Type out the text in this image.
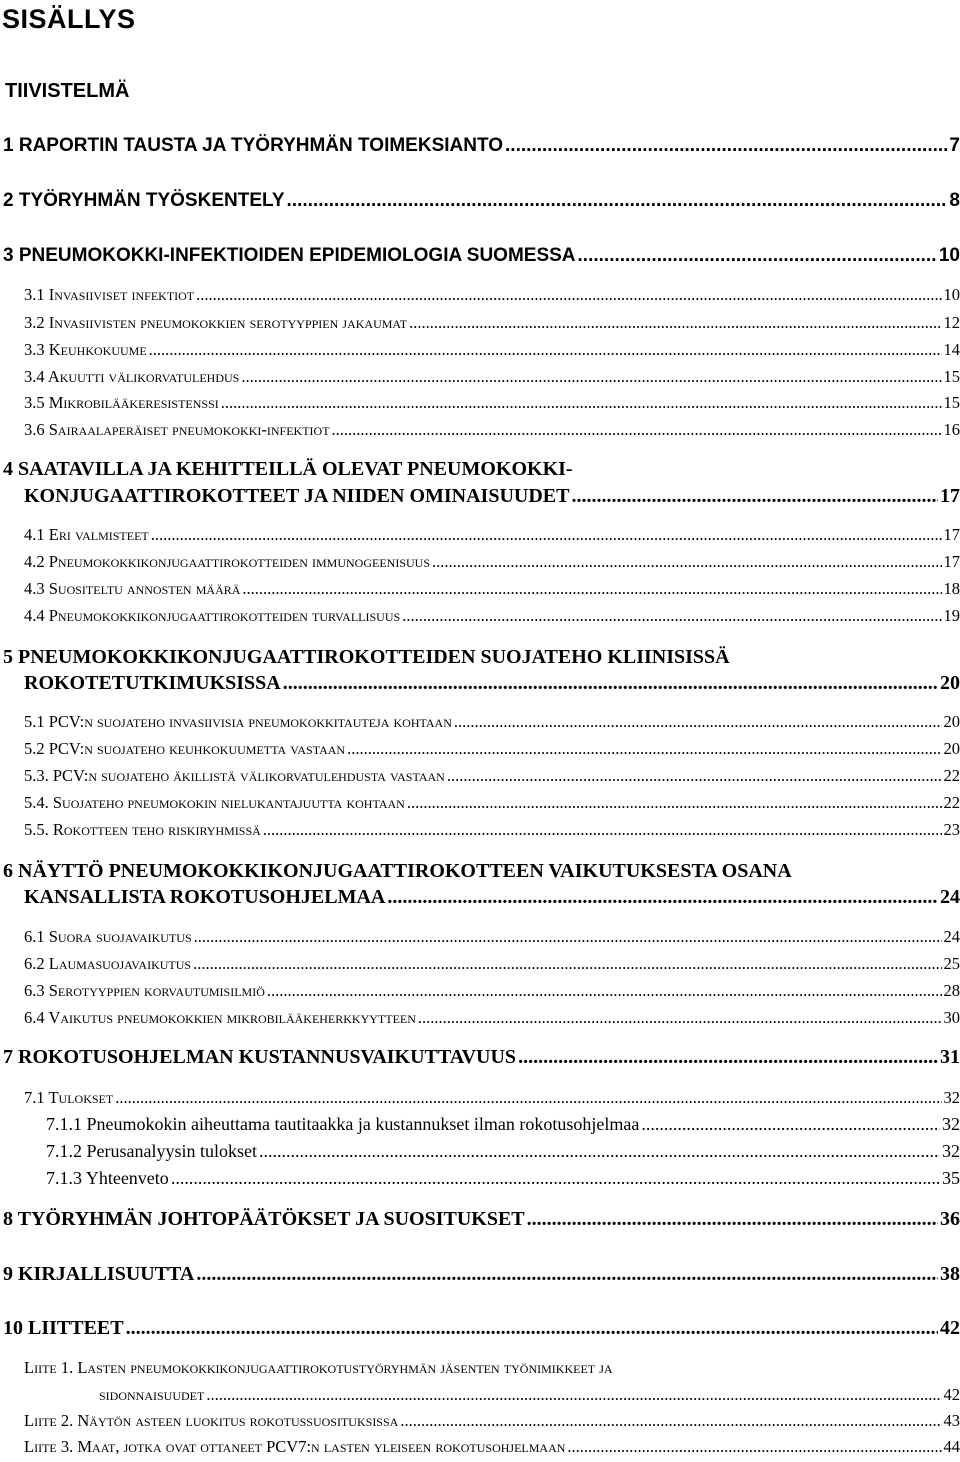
SISÄLLYS
TIIVISTELMÄ
1 RAPORTIN TAUSTA JA TYÖRYHMÄN TOIMEKSIANTO .....	7
2 TYÖRYHMÄN TYÖSKENTELY .....	8
3 PNEUMOKOKKI-INFEKTIOIDEN EPIDEMIOLOGIA SUOMESSA .....	10
3.1 Invasiiviset infektiot .....	10
3.2 Invasiivisten pneumokokkien serotyyppien jakaumat .....	12
3.3 Keuhkokuume .....	14
3.4 Akuutti välikorvatulehdus .....	15
3.5 Mikrobilääkeresistenssi .....	15
3.6 Sairaalaperäiset pneumokokki-infektiot .....	16
4 SAATAVILLA JA KEHITTEILLÄ OLEVAT PNEUMOKOKKI-
KONJUGAATTIROKOTTEET JA NIIDEN OMINAISUUDET .....	17
4.1 Eri valmisteet .....	17
4.2 Pneumokokkikonjugaattirokotteiden immunogeenisuus .....	17
4.3 Suositeltu annosten määrä .....	18
4.4 Pneumokokkikonjugaattirokotteiden turvallisuus .....	19
5 PNEUMOKOKKIKONJUGAATTIROKOTTEIDEN SUOJATEHO KLIINISISSÄ
ROKOTETUTKIMUKSISSA .....	20
5.1 PCV:n suojateho invasiivisia pneumokokkitauteja kohtaan .....	20
5.2 PCV:n suojateho keuhkokuumetta vastaan .....	20
5.3. PCV:n suojateho äkillistä välikorvatulehdusta vastaan .....	22
5.4. Suojateho pneumokokin nielukantajuutta kohtaan .....	22
5.5. Rokotteen teho riskiryhmissä .....	23
6 NÄYTTÖ PNEUMOKOKKIKONJUGAATTIROKOTTEEN VAIKUTUKSESTA OSANA
KANSALLISTA ROKOTUSOHJELMAA .....	24
6.1 Suora suojavaikutus .....	24
6.2 Laumasuojavaikutus .....	25
6.3 Serotyyppien korvautumisilmiö .....	28
6.4 Vaikutus pneumokokkien mikrobilääkeherkkyytteen .....	30
7 ROKOTUSOHJELMAN KUSTANNUSVAIKUTTAVUUS .....	31
7.1 Tulokset .....	32
7.1.1 Pneumokokin aiheuttama tautitaakka ja kustannukset ilman rokotusohjelmaa .....	32
7.1.2 Perusanalyysin tulokset .....	32
7.1.3 Yhteenveto .....	35
8 TYÖRYHMÄN JOHTOPÄÄTÖKSET JA SUOSITUKSET .....	36
9 KIRJALLISUUTTA .....	38
10 LIITTEET .....	42
Liite 1. Lasten pneumokokkikonjugaattirokotustyöryhmän jäsenten työnimikkeet ja
sidonnaisuudet .....	42
Liite 2. Näytön asteen luokitus rokotussuosituksissa .....	43
Liite 3. Maat, jotka ovat ottaneet PCV7:n lasten yleiseen rokotusohjelmaan .....	44
